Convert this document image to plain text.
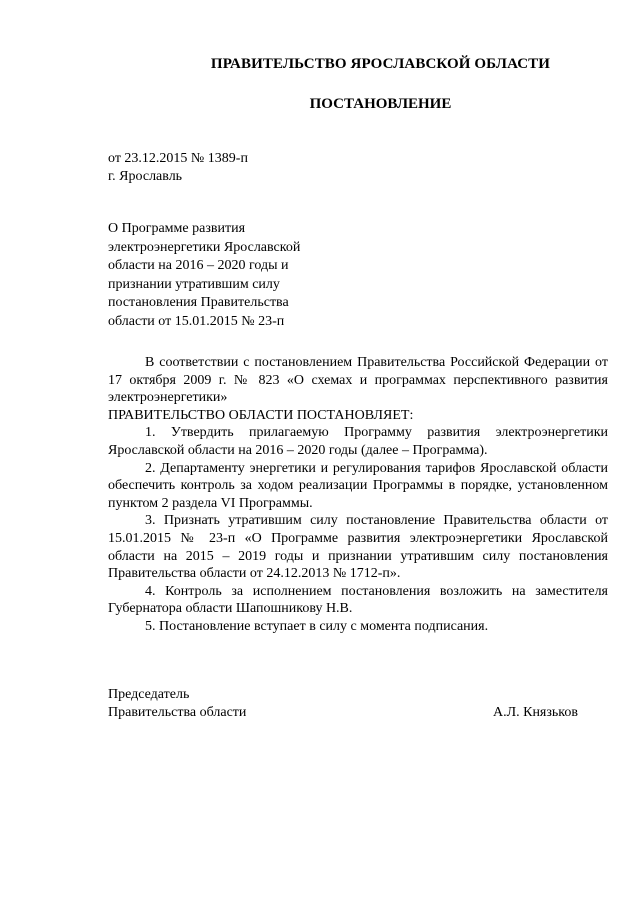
ПРАВИТЕЛЬСТВО ЯРОСЛАВСКОЙ ОБЛАСТИ
ПОСТАНОВЛЕНИЕ
от 23.12.2015 № 1389-п
г. Ярославль
О Программе развития
электроэнергетики Ярославской
области на 2016 – 2020 годы и
признании утратившим силу
постановления Правительства
области от 15.01.2015 № 23-п

В соответствии с постановлением Правительства Российской Федерации от 17 октября 2009 г. № 823 «О схемах и программах перспективного развития электроэнергетики»

ПРАВИТЕЛЬСТВО ОБЛАСТИ ПОСТАНОВЛЯЕТ:

1. Утвердить прилагаемую Программу развития электроэнергетики Ярославской области на 2016 – 2020 годы (далее – Программа).

2. Департаменту энергетики и регулирования тарифов Ярославской области обеспечить контроль за ходом реализации Программы в порядке, установленном пунктом 2 раздела VI Программы.

3. Признать утратившим силу постановление Правительства области от 15.01.2015 № 23-п «О Программе развития электроэнергетики Ярославской области на 2015 – 2019 годы и признании утратившим силу постановления Правительства области от 24.12.2013 № 1712-п».

4. Контроль за исполнением постановления возложить на заместителя Губернатора области Шапошникову Н.В.

5. Постановление вступает в силу с момента подписания.

Председатель
Правительства области	А.Л. Князьков
